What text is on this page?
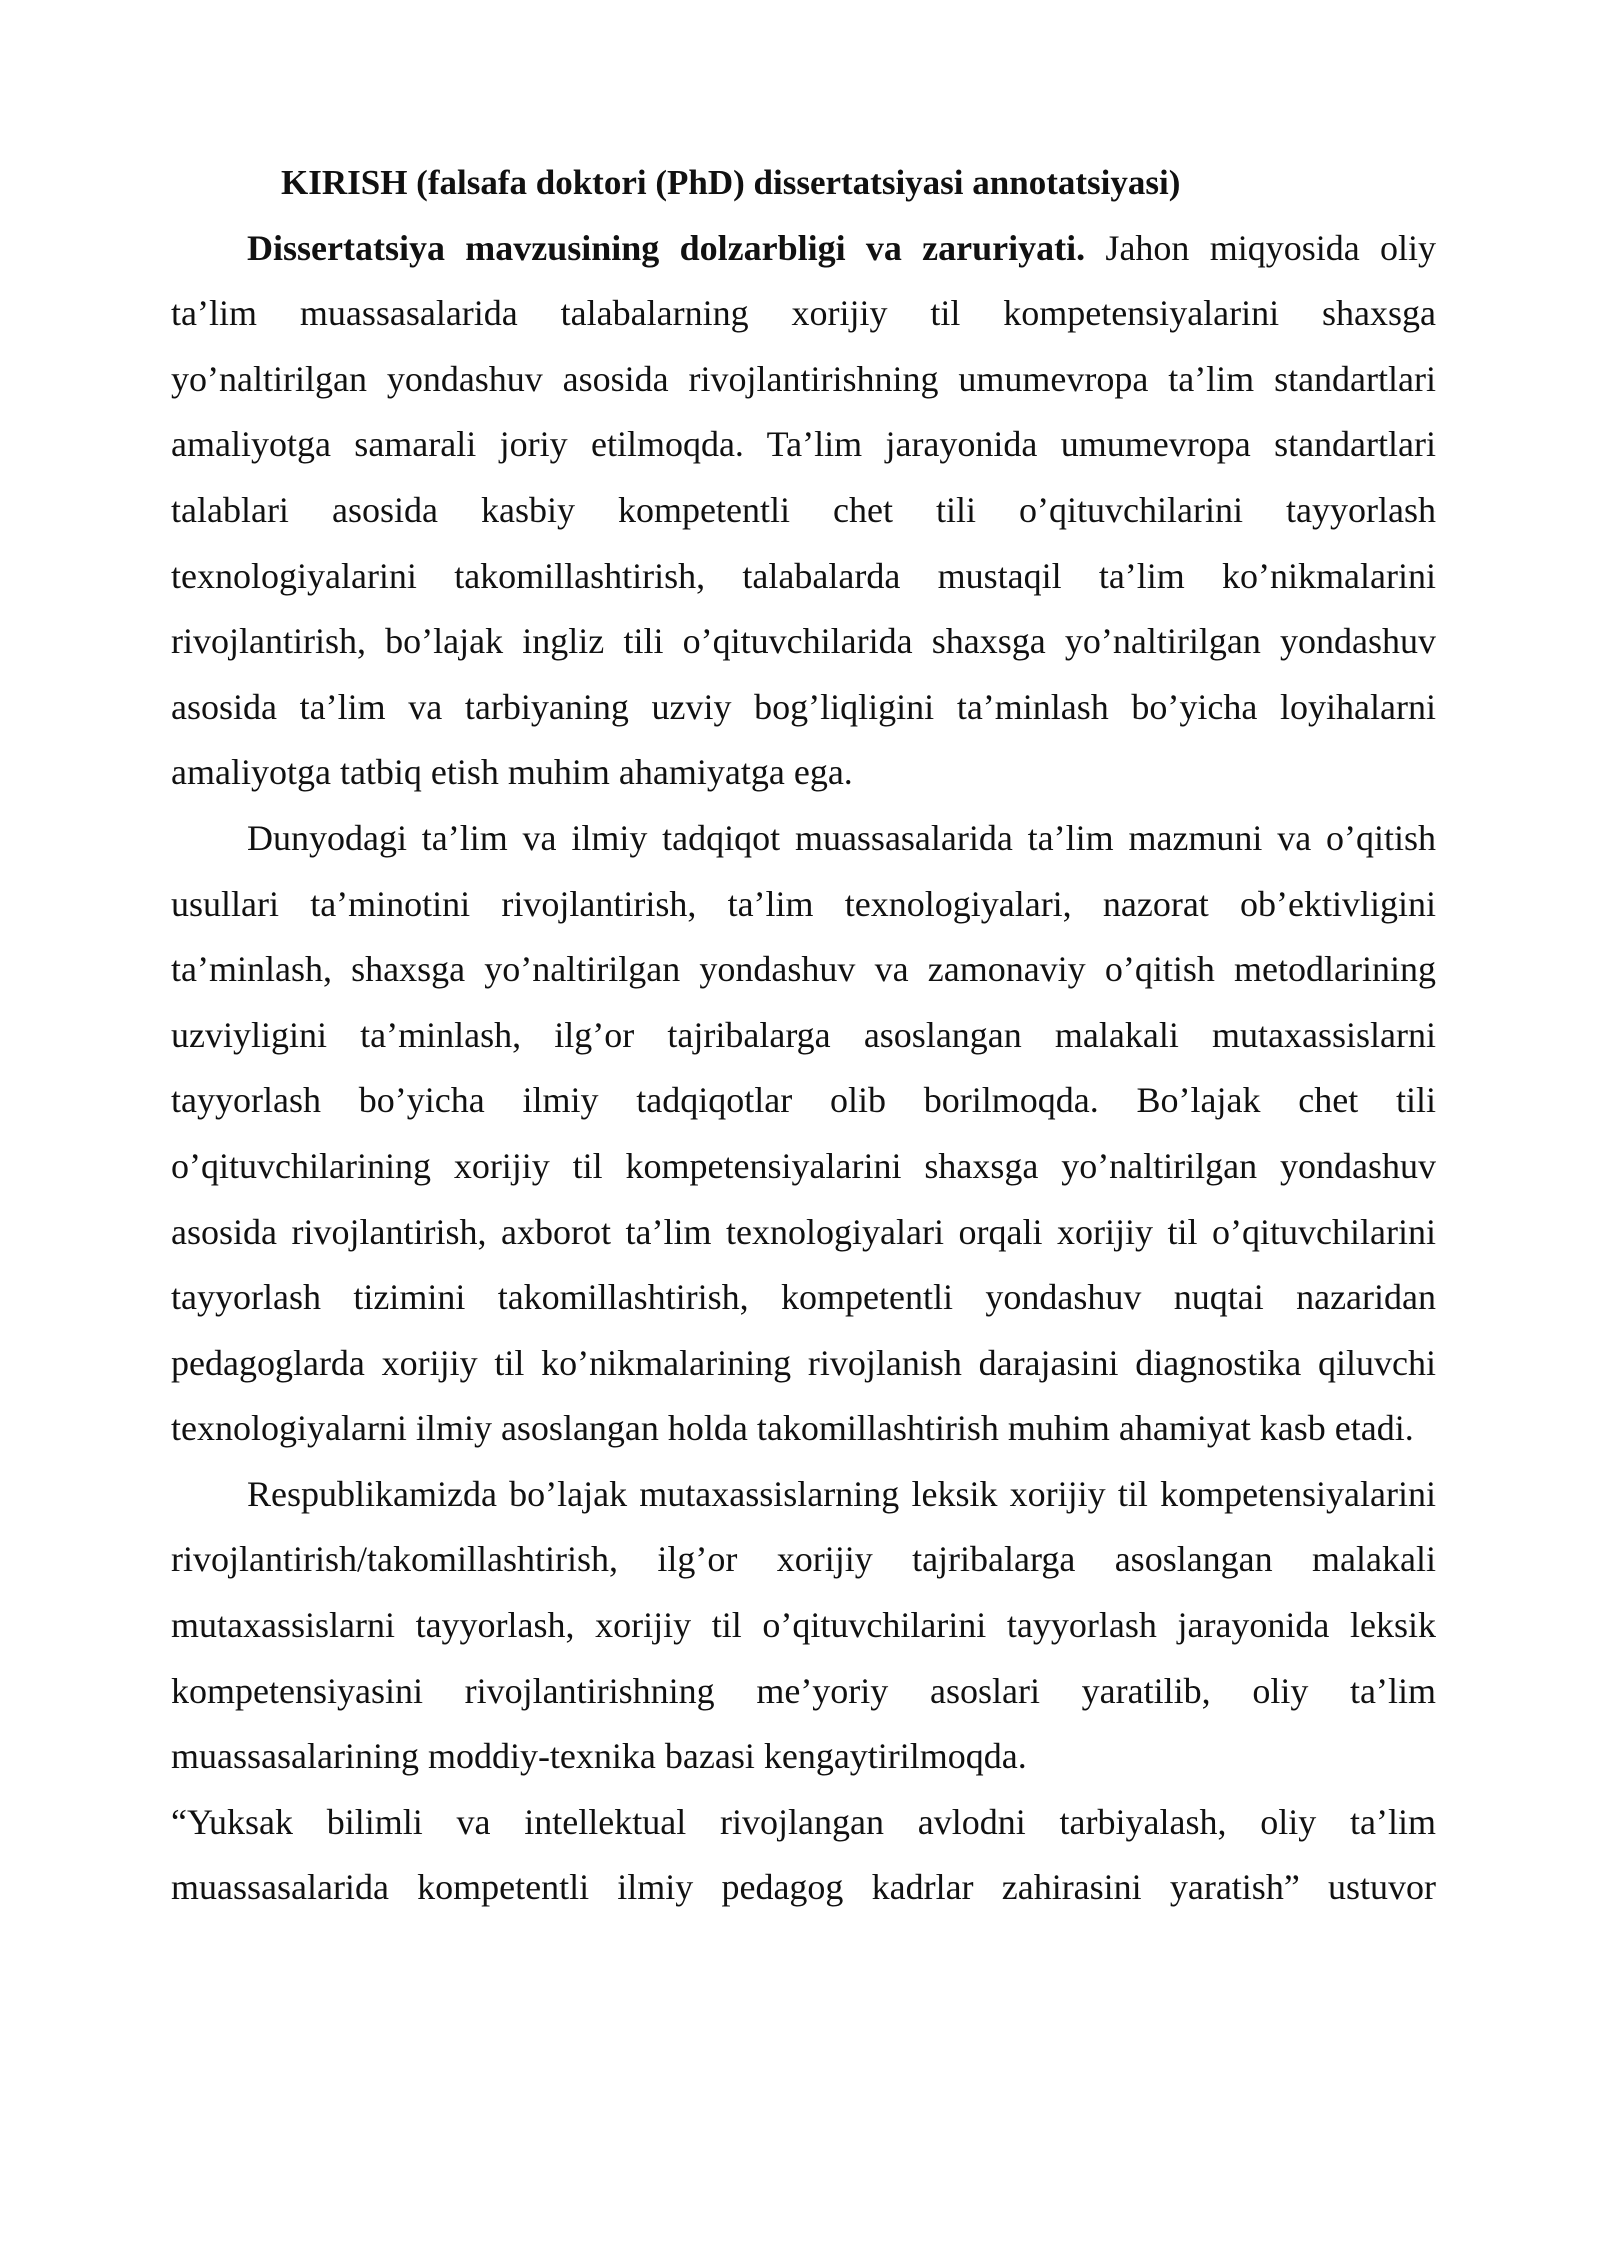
KIRISH (falsafa doktori (PhD) dissertatsiyasi annotatsiyasi)

Dissertatsiya mavzusining dolzarbligi va zaruriyati. Jahon miqyosida oliy ta’lim muassasalarida talabalarning xorijiy til kompetensiyalarini shaxsga yo’naltirilgan yondashuv asosida rivojlantirishning umumevropa ta’lim standartlari amaliyotga samarali joriy etilmoqda. Ta’lim jarayonida umumevropa standartlari talablari asosida kasbiy kompetentli chet tili o’qituvchilarini tayyorlash texnologiyalarini takomillashtirish, talabalarda mustaqil ta’lim ko’nikmalarini rivojlantirish, bo’lajak ingliz tili o’qituvchilarida shaxsga yo’naltirilgan yondashuv asosida ta’lim va tarbiyaning uzviy bog’liqligini ta’minlash bo’yicha loyihalarni amaliyotga tatbiq etish muhim ahamiyatga ega.

Dunyodagi ta’lim va ilmiy tadqiqot muassasalarida ta’lim mazmuni va o’qitish usullari ta’minotini rivojlantirish, ta’lim texnologiyalari, nazorat ob’ektivligini ta’minlash, shaxsga yo’naltirilgan yondashuv va zamonaviy o’qitish metodlarining uzviyligini ta’minlash, ilg’or tajribalarga asoslangan malakali mutaxassislarni tayyorlash bo’yicha ilmiy tadqiqotlar olib borilmoqda. Bo’lajak chet tili o’qituvchilarining xorijiy til kompetensiyalarini shaxsga yo’naltirilgan yondashuv asosida rivojlantirish, axborot ta’lim texnologiyalari orqali xorijiy til o’qituvchilarini tayyorlash tizimini takomillashtirish, kompetentli yondashuv nuqtai nazaridan pedagoglarda xorijiy til ko’nikmalarining rivojlanish darajasini diagnostika qiluvchi texnologiyalarni ilmiy asoslangan holda takomillashtirish muhim ahamiyat kasb etadi.

Respublikamizda bo’lajak mutaxassislarning leksik xorijiy til kompetensiyalarini rivojlantirish/takomillashtirish, ilg’or xorijiy tajribalarga asoslangan malakali mutaxassislarni tayyorlash, xorijiy til o’qituvchilarini tayyorlash jarayonida leksik kompetensiyasini rivojlantirishning me’yoriy asoslari yaratilib, oliy ta’lim muassasalarining moddiy-texnika bazasi kengaytirilmoqda.

“Yuksak bilimli va intellektual rivojlangan avlodni tarbiyalash, oliy ta’lim muassasalarida kompetentli ilmiy pedagog kadrlar zahirasini yaratish” ustuvor
